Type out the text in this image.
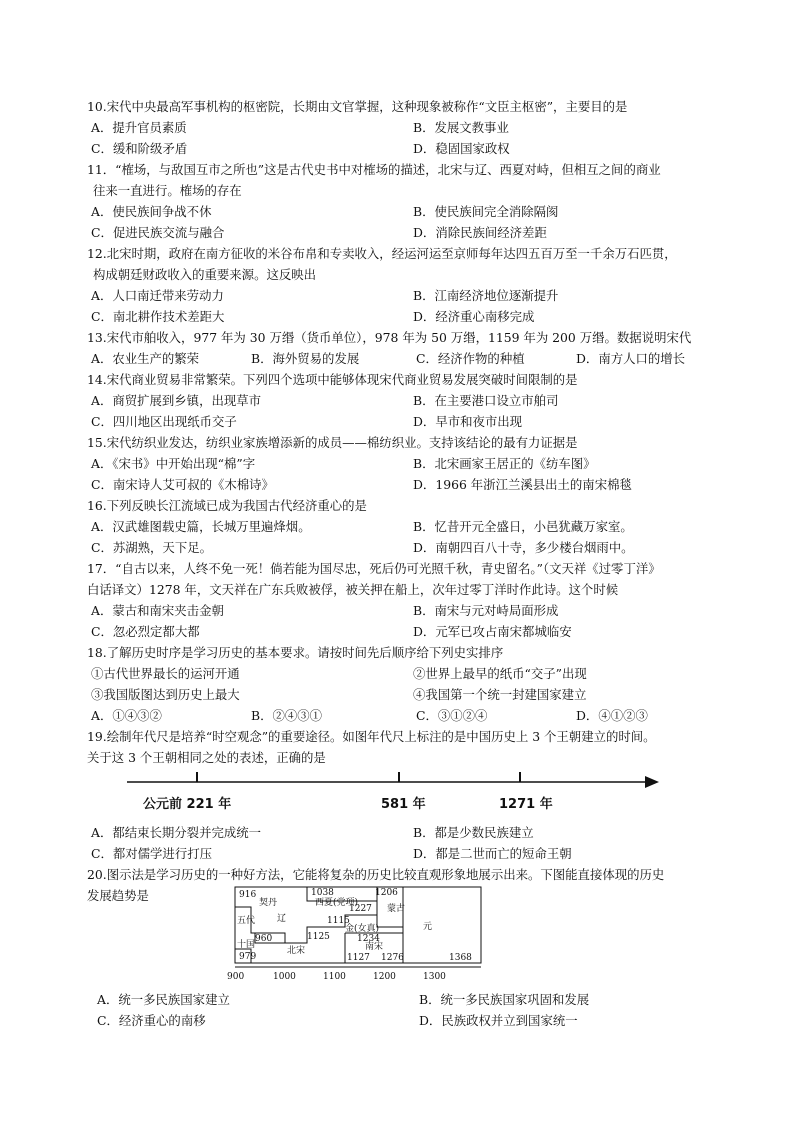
10.宋代中央最高军事机构的枢密院，长期由文官掌握，这种现象被称作“文臣主枢密”，主要目的是
A．提升官员素质	B．发展文教事业
C．缓和阶级矛盾	D．稳固国家政权
11．“榷场，与敌国互市之所也”这是古代史书中对榷场的描述，北宋与辽、西夏对峙，但相互之间的商业
往来一直进行。榷场的存在
A．使民族间争战不休	B．使民族间完全消除隔阂
C．促进民族交流与融合	D．消除民族间经济差距
12.北宋时期，政府在南方征收的米谷布帛和专卖收入，经运河运至京师每年达四五百万至一千余万石匹贯，
构成朝廷财政收入的重要来源。这反映出
A．人口南迁带来劳动力	B．江南经济地位逐渐提升
C．南北耕作技术差距大	D．经济重心南移完成
13.宋代市舶收入，977 年为 30 万缗（货币单位），978 年为 50 万缗，1159 年为 200 万缗。数据说明宋代
A．农业生产的繁荣	B．海外贸易的发展	C．经济作物的种植	D．南方人口的增长
14.宋代商业贸易非常繁荣。下列四个选项中能够体现宋代商业贸易发展突破时间限制的是
A．商贸扩展到乡镇，出现草市	B．在主要港口设立市舶司
C．四川地区出现纸币交子	D．早市和夜市出现
15.宋代纺织业发达，纺织业家族增添新的成员——棉纺织业。支持该结论的最有力证据是
A．《宋书》中开始出现“棉”字	B．北宋画家王居正的《纺车图》
C．南宋诗人艾可叔的《木棉诗》	D．1966 年浙江兰溪县出土的南宋棉毯
16.下列反映长江流域已成为我国古代经济重心的是
A．汉武雄图载史篇，长城万里遍烽烟。	B．忆昔开元全盛日，小邑犹藏万家室。
C．苏湖熟，天下足。	D．南朝四百八十寺，多少楼台烟雨中。
17．“自古以来，人终不免一死！倘若能为国尽忠，死后仍可光照千秋，青史留名。”（文天祥《过零丁洋》
白话译文）1278 年，文天祥在广东兵败被俘，被关押在船上，次年过零丁洋时作此诗。这个时候
A．蒙古和南宋夹击金朝	B．南宋与元对峙局面形成
C．忽必烈定都大都	D．元军已攻占南宋都城临安
18.了解历史时序是学习历史的基本要求。请按时间先后顺序给下列史实排序
①古代世界最长的运河开通	②世界上最早的纸币“交子”出现
③我国版图达到历史上最大	④我国第一个统一封建国家建立
A．①④③②	B．②④③①	C．③①②④	D．④①②③
19.绘制年代尺是培养“时空观念”的重要途径。如图年代尺上标注的是中国历史上 3 个王朝建立的时间。
关于这 3 个王朝相同之处的表述，正确的是
公元前 221 年	581 年	1271 年
A．都结束长期分裂并完成统一	B．都是少数民族建立
C．都对儒学进行打压	D．都是二世而亡的短命王朝
20.图示法是学习历史的一种好方法，它能将复杂的历史比较直观形象地展示出来。下图能直接体现的历史
发展趋势是	916
契丹
辽
1038
西夏(党项)
1227
1206
蒙古
五代	1115
金(女真)
1125	1234
元
960
十国
979
北宋	南宋
1127 1276	1368
900	1000	1100	1200	1300
A．统一多民族国家建立	B．统一多民族国家巩固和发展
C．经济重心的南移	D．民族政权并立到国家统一
